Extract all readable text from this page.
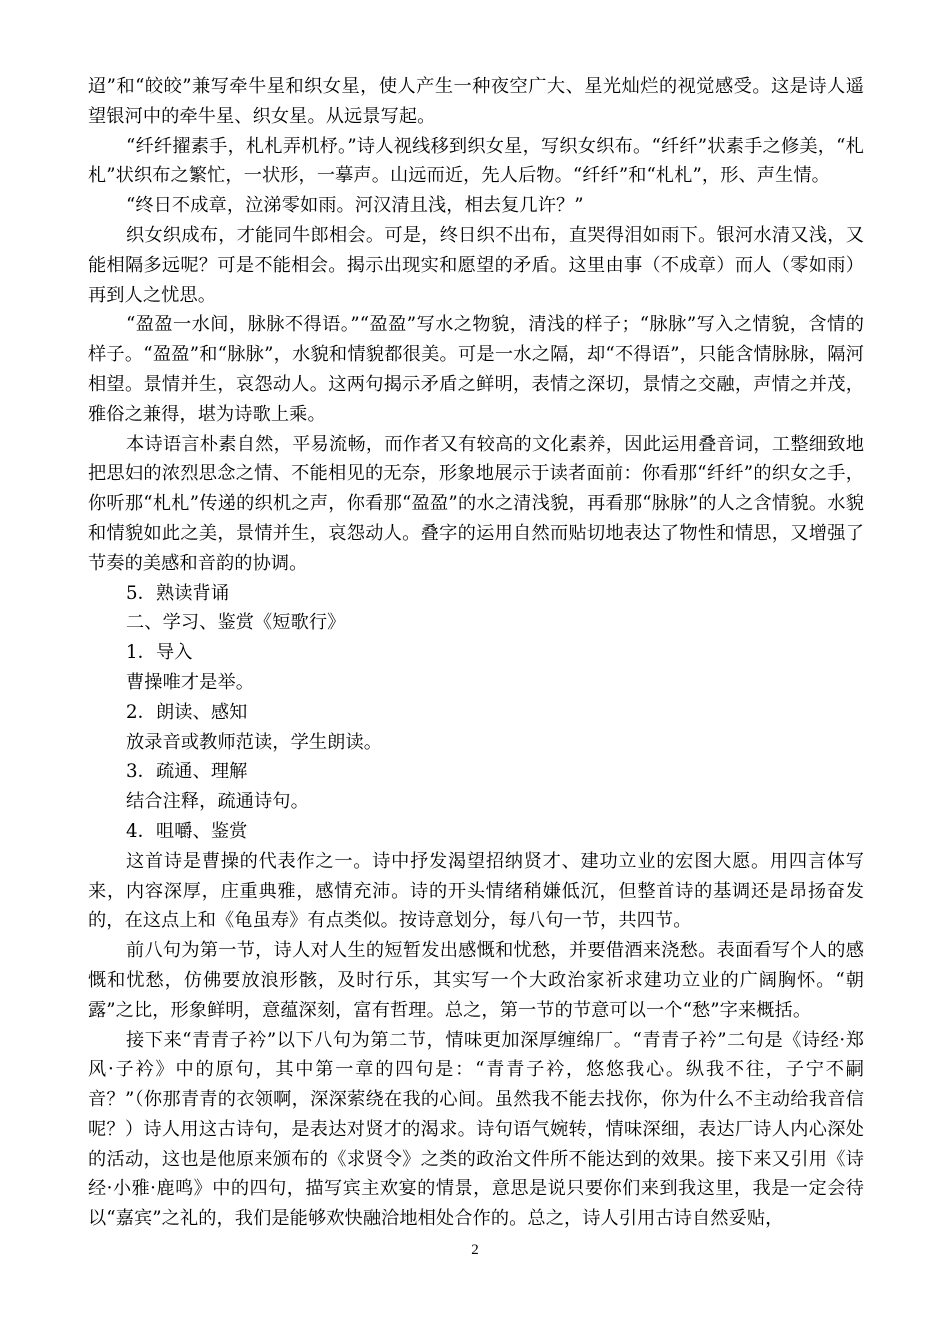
迢”和“皎皎”兼写牵牛星和织女星，使人产生一种夜空广大、星光灿烂的视觉感受。这是诗人遥望银河中的牵牛星、织女星。从远景写起。

“纤纤擢素手，札札弄机杼。”诗人视线移到织女星，写织女织布。“纤纤”状素手之修美，“札札”状织布之繁忙，一状形，一摹声。山远而近，先人后物。“纤纤”和“札札”，形、声生情。

“终日不成章，泣涕零如雨。河汉清且浅，相去复几许？”

织女织成布，才能同牛郎相会。可是，终日织不出布，直哭得泪如雨下。银河水清又浅，又能相隔多远呢？可是不能相会。揭示出现实和愿望的矛盾。这里由事（不成章）而人（零如雨）再到人之忧思。

“盈盈一水间，脉脉不得语。”“盈盈”写水之物貌，清浅的样子；“脉脉”写入之情貌，含情的样子。“盈盈”和“脉脉”，水貌和情貌都很美。可是一水之隔，却“不得语”，只能含情脉脉，隔河相望。景情并生，哀怨动人。这两句揭示矛盾之鲜明，表情之深切，景情之交融，声情之并茂，雅俗之兼得，堪为诗歌上乘。

本诗语言朴素自然，平易流畅，而作者又有较高的文化素养，因此运用叠音词，工整细致地把思妇的浓烈思念之情、不能相见的无奈，形象地展示于读者面前：你看那“纤纤”的织女之手，你听那“札札”传递的织机之声，你看那“盈盈”的水之清浅貌，再看那“脉脉”的人之含情貌。水貌和情貌如此之美，景情并生，哀怨动人。叠字的运用自然而贴切地表达了物性和情思，又增强了节奏的美感和音韵的协调。

5．熟读背诵

二、学习、鉴赏《短歌行》

1．导入

曹操唯才是举。

2．朗读、感知

放录音或教师范读，学生朗读。

3．疏通、理解

结合注释，疏通诗句。

4．咀嚼、鉴赏

这首诗是曹操的代表作之一。诗中抒发渴望招纳贤才、建功立业的宏图大愿。用四言体写来，内容深厚，庄重典雅，感情充沛。诗的开头情绪稍嫌低沉，但整首诗的基调还是昂扬奋发的，在这点上和《龟虽寿》有点类似。按诗意划分，每八句一节，共四节。

前八句为第一节，诗人对人生的短暂发出感慨和忧愁，并要借酒来浇愁。表面看写个人的感慨和忧愁，仿佛要放浪形骸，及时行乐，其实写一个大政治家祈求建功立业的广阔胸怀。“朝露”之比，形象鲜明，意蕴深刻，富有哲理。总之，第一节的节意可以一个“愁”字来概括。

接下来“青青子衿”以下八句为第二节，情味更加深厚缠绵厂。“青青子衿”二句是《诗经·郑风·子衿》中的原句，其中第一章的四句是：“青青子衿，悠悠我心。纵我不往，子宁不嗣音？”（你那青青的衣领啊，深深萦绕在我的心间。虽然我不能去找你，你为什么不主动给我音信呢？）诗人用这古诗句，是表达对贤才的渴求。诗句语气婉转，情味深细，表达厂诗人内心深处的活动，这也是他原来颁布的《求贤令》之类的政治文件所不能达到的效果。接下来又引用《诗经·小雅·鹿鸣》中的四句，描写宾主欢宴的情景，意思是说只要你们来到我这里，我是一定会待以“嘉宾”之礼的，我们是能够欢快融洽地相处合作的。总之，诗人引用古诗自然妥贴，

2
